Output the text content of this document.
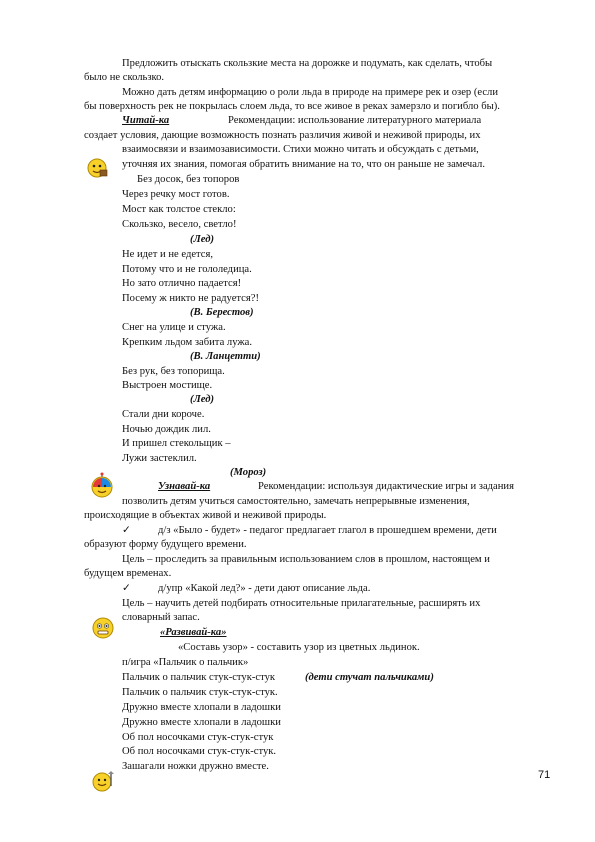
Предложить отыскать скользкие места на дорожке и подумать, как сделать, чтобы
было не скользко.
Можно дать детям информацию о роли льда в природе на примере рек и озер (если
бы поверхность рек не покрылась слоем льда, то все живое в реках замерзло и погибло бы).
Читай-ка	Рекомендации: использование литературного материала
создает условия, дающие возможность познать различия живой и неживой природы, их
взаимосвязи и взаимозависимости. Стихи можно читать и обсуждать с детьми,
уточняя их знания, помогая обратить внимание на то, что он раньше не замечал.
Без досок, без топоров
Через речку мост готов.
Мост как толстое стекло:
Скользко, весело, светло!
(Лед)
Не идет и не едется,
Потому что и не гололедица.
Но зато отлично падается!
Посему ж никто не радуется?!
(В. Берестов)
Снег на улице и стужа.
Крепким льдом забита лужа.
(В. Ланцетти)
Без рук, без топорища.
Выстроен мостище.
(Лед)
Стали дни короче.
Ночью дождик лил.
И пришел стекольщик –
Лужи застеклил.
(Мороз)
Узнавай-ка	Рекомендации: используя дидактические игры и задания
позволить детям учиться самостоятельно, замечать непрерывные изменения,
происходящие в объектах живой и неживой природы.
✓	д/з «Было - будет» - педагог предлагает глагол в прошедшем времени, дети
образуют форму будущего времени.
Цель – проследить за правильным использованием слов в прошлом, настоящем и
будущем временах.
✓	д/упр «Какой лед?» - дети дают описание льда.
Цель – научить детей подбирать относительные прилагательные, расширять их
словарный запас.
«Развивай-ка»
«Составь узор» - составить узор из цветных льдинок.
п/игра «Пальчик о пальчик»
Пальчик о пальчик стук-стук-стук	(дети стучат пальчиками)
Пальчик о пальчик стук-стук-стук.
Дружно вместе хлопали в ладошки
Дружно вместе хлопали в ладошки
Об пол носочками стук-стук-стук
Об пол носочками стук-стук-стук.
Зашагали ножки дружно вместе.
71
